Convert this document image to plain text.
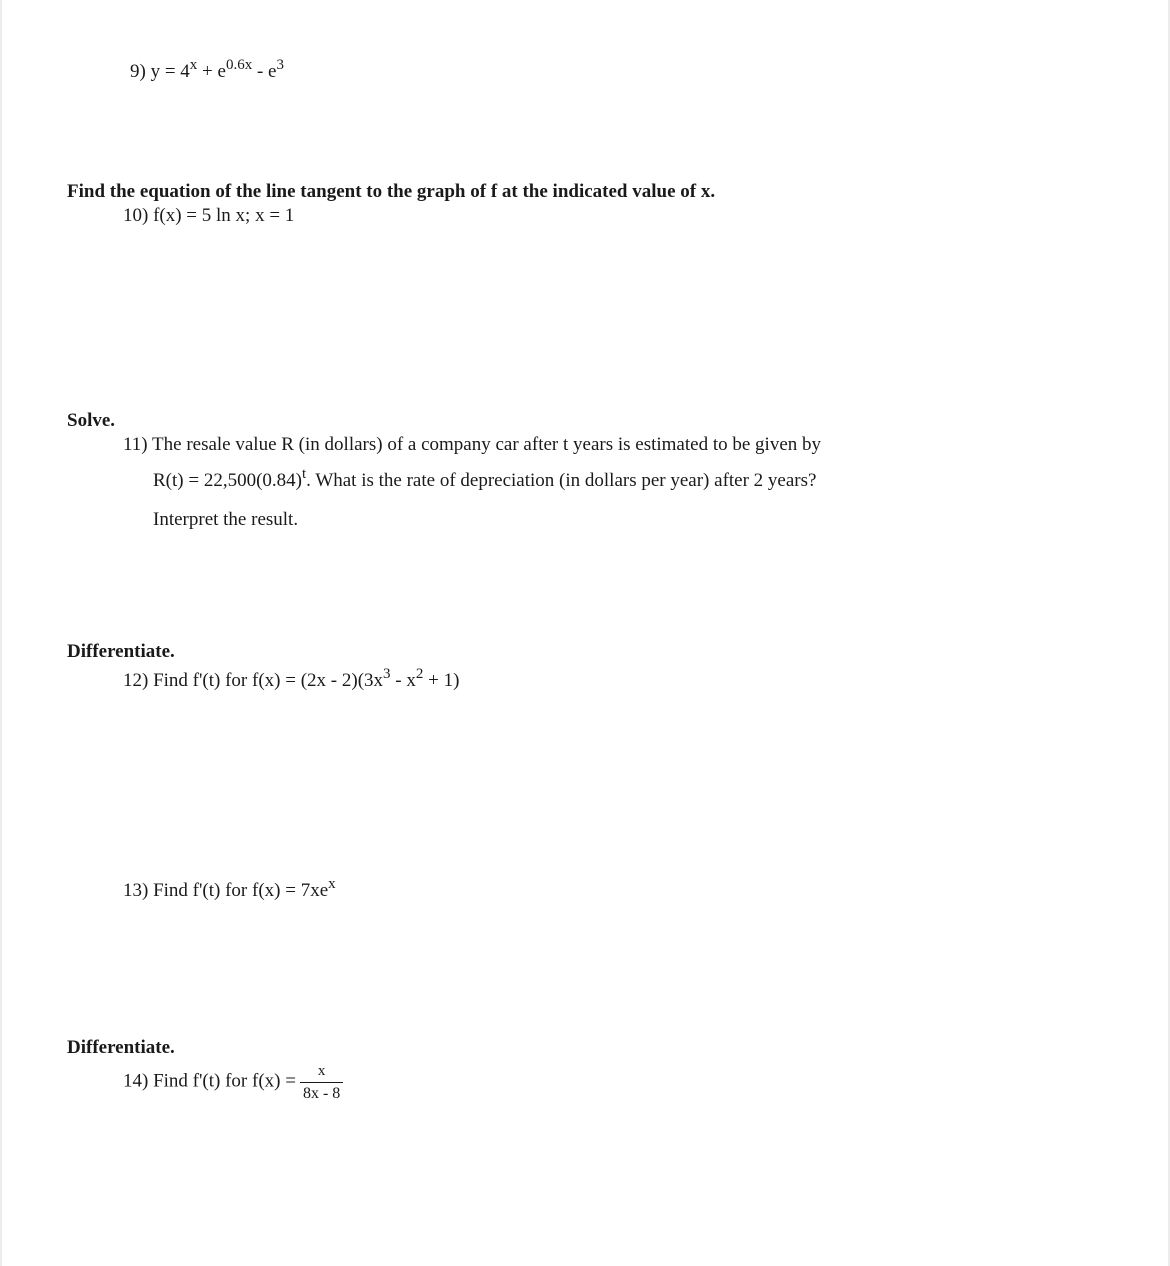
9) $y = 4^x + e^{0.6x} - e^3$
Find the equation of the line tangent to the graph of f at the indicated value of x.
10) f(x) = 5 ln x; x = 1
Solve.
11) The resale value R (in dollars) of a company car after t years is estimated to be given by
$R(t) = 22,500(0.84)^t$. What is the rate of depreciation (in dollars per year) after 2 years?
Interpret the result.
Differentiate.
12) Find f'(t) for $f(x) = (2x - 2)(3x^3 - x^2 + 1)$
13) Find f'(t) for $f(x) = 7xe^x$
Differentiate.
14) Find f'(t) for $f(x) = \frac{x}{8x - 8}$
